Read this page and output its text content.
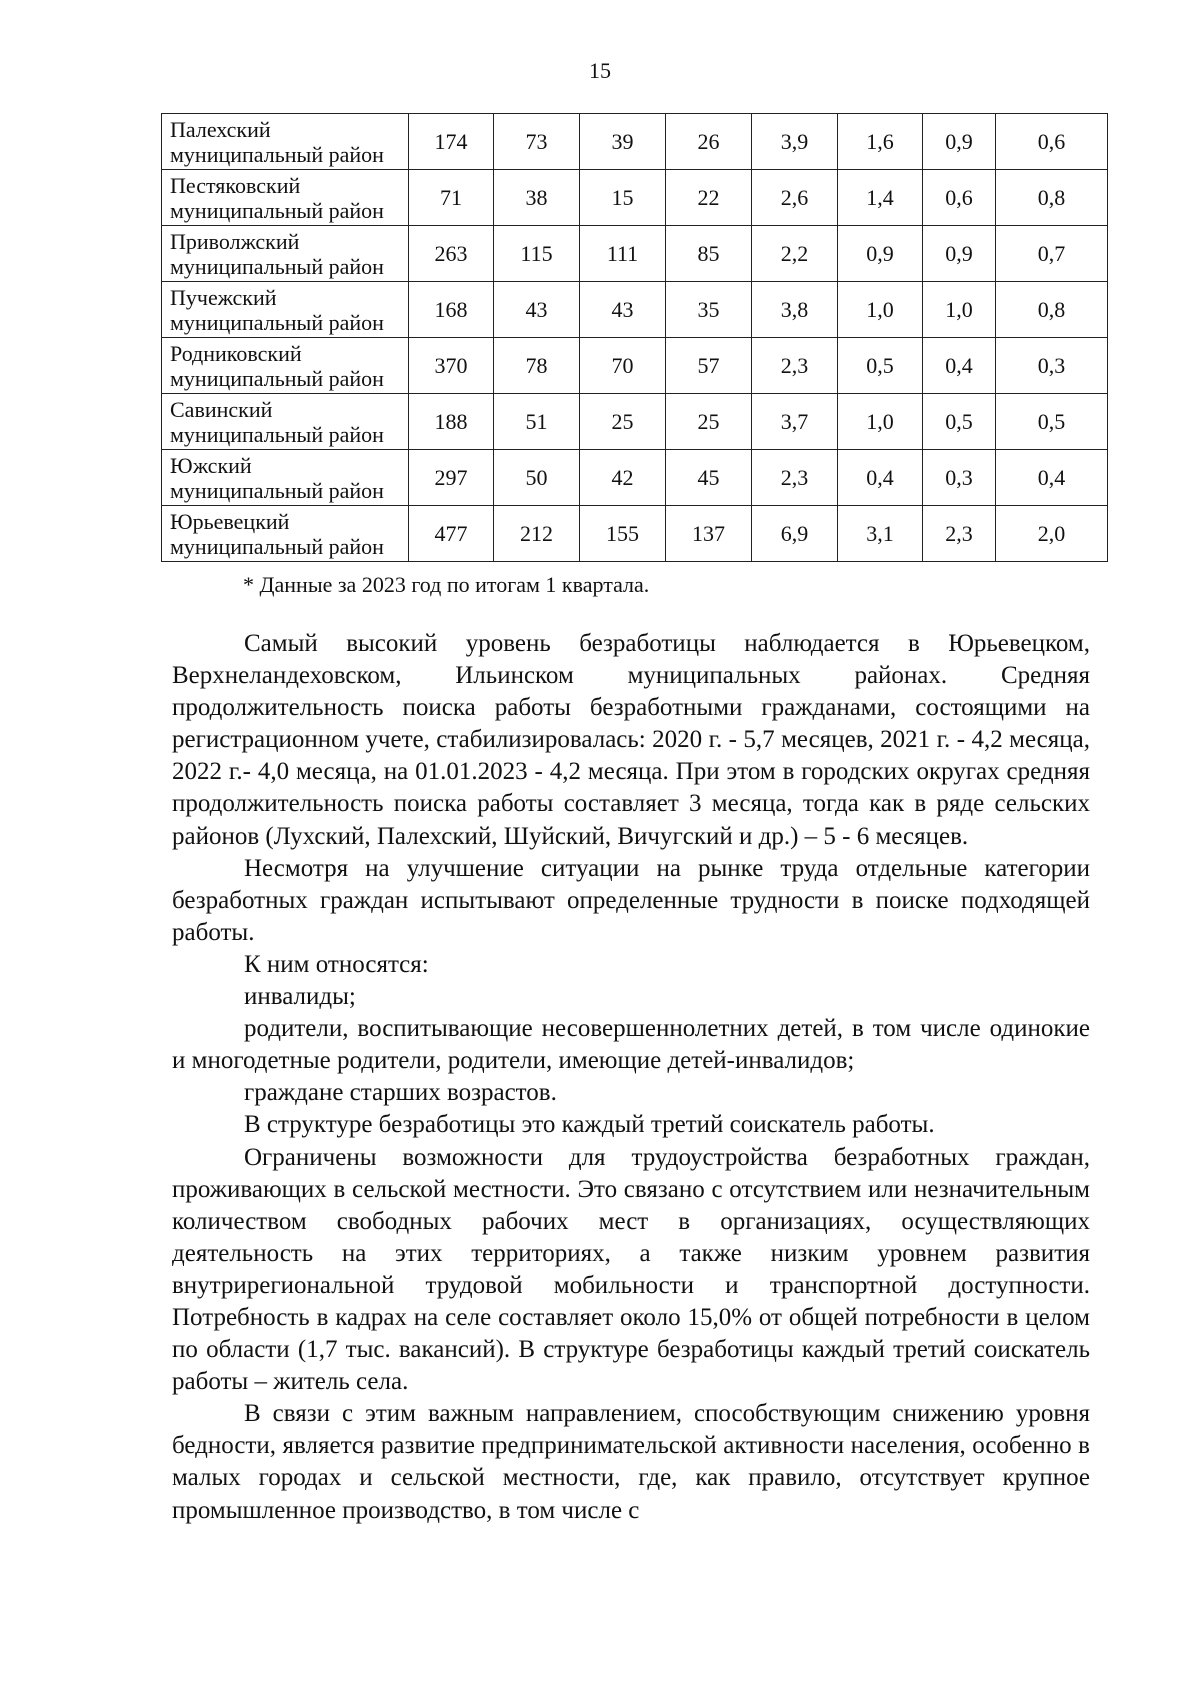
15
Палехский
муниципальный район	174	73	39	26	3,9	1,6	0,9	0,6

Пестяковский
муниципальный район	71	38	15	22	2,6	1,4	0,6	0,8

Приволжский
муниципальный район	263	115	111	85	2,2	0,9	0,9	0,7

Пучежский
муниципальный район	168	43	43	35	3,8	1,0	1,0	0,8

Родниковский
муниципальный район	370	78	70	57	2,3	0,5	0,4	0,3

Савинский
муниципальный район	188	51	25	25	3,7	1,0	0,5	0,5

Южский
муниципальный район	297	50	42	45	2,3	0,4	0,3	0,4

Юрьевецкий
муниципальный район	477	212	155	137	6,9	3,1	2,3	2,0
* Данные за 2023 год по итогам 1 квартала.

Самый высокий уровень безработицы наблюдается в Юрьевецком, Верхнеландеховском, Ильинском муниципальных районах. Средняя продолжительность поиска работы безработными гражданами, состоящими на регистрационном учете, стабилизировалась: 2020 г. - 5,7 месяцев, 2021 г. - 4,2 месяца, 2022 г.- 4,0 месяца, на 01.01.2023 - 4,2 месяца. При этом в городских округах средняя продолжительность поиска работы составляет 3 месяца, тогда как в ряде сельских районов (Лухский, Палехский, Шуйский, Вичугский и др.) – 5 - 6 месяцев.

Несмотря на улучшение ситуации на рынке труда отдельные категории безработных граждан испытывают определенные трудности в поиске подходящей работы.

К ним относятся:

инвалиды;

родители, воспитывающие несовершеннолетних детей, в том числе одинокие и многодетные родители, родители, имеющие детей-инвалидов;

граждане старших возрастов.

В структуре безработицы это каждый третий соискатель работы.

Ограничены возможности для трудоустройства безработных граждан, проживающих в сельской местности. Это связано с отсутствием или незначительным количеством свободных рабочих мест в организациях, осуществляющих деятельность на этих территориях, а также низким уровнем развития внутрирегиональной трудовой мобильности и транспортной доступности. Потребность в кадрах на селе составляет около 15,0% от общей потребности в целом по области (1,7 тыс. вакансий). В структуре безработицы каждый третий соискатель работы – житель села.

В связи с этим важным направлением, способствующим снижению уровня бедности, является развитие предпринимательской активности населения, особенно в малых городах и сельской местности, где, как правило, отсутствует крупное промышленное производство, в том числе с
